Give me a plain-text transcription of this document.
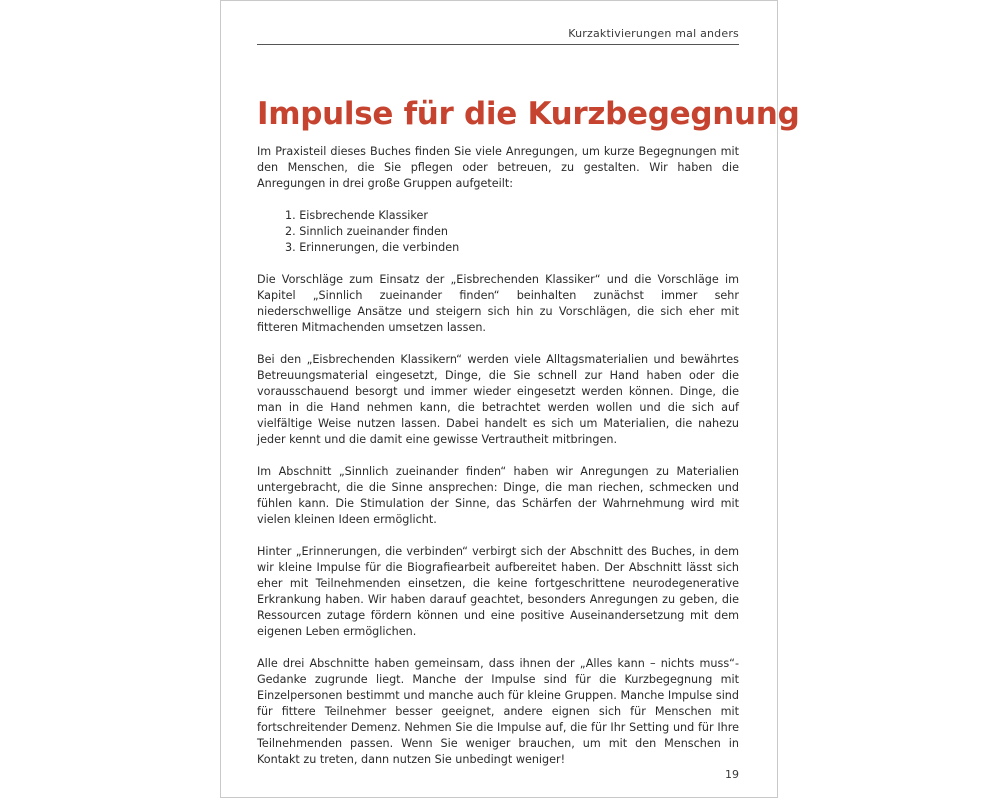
Kurzaktivierungen mal anders
Impulse für die Kurzbegegnung

Im Praxisteil dieses Buches finden Sie viele Anregungen, um kurze Begegnungen mit den Menschen, die Sie pflegen oder betreuen, zu gestalten. Wir haben die Anregungen in drei große Gruppen aufgeteilt:

1. Eisbrechende Klassiker
2. Sinnlich zueinander finden
3. Erinnerungen, die verbinden

Die Vorschläge zum Einsatz der „Eisbrechenden Klassiker“ und die Vorschläge im Kapitel „Sinnlich zueinander finden“ beinhalten zunächst immer sehr niederschwellige Ansätze und steigern sich hin zu Vorschlägen, die sich eher mit fitteren Mitmachenden umsetzen lassen.

Bei den „Eisbrechenden Klassikern“ werden viele Alltagsmaterialien und bewährtes Betreuungsmaterial eingesetzt, Dinge, die Sie schnell zur Hand haben oder die vorausschauend besorgt und immer wieder eingesetzt werden können. Dinge, die man in die Hand nehmen kann, die betrachtet werden wollen und die sich auf vielfältige Weise nutzen lassen. Dabei handelt es sich um Materialien, die nahezu jeder kennt und die damit eine gewisse Vertrautheit mitbringen.

Im Abschnitt „Sinnlich zueinander finden“ haben wir Anregungen zu Materialien untergebracht, die die Sinne ansprechen: Dinge, die man riechen, schmecken und fühlen kann. Die Stimulation der Sinne, das Schärfen der Wahrnehmung wird mit vielen kleinen Ideen ermöglicht.

Hinter „Erinnerungen, die verbinden“ verbirgt sich der Abschnitt des Buches, in dem wir kleine Impulse für die Biografiearbeit aufbereitet haben. Der Abschnitt lässt sich eher mit Teilnehmenden einsetzen, die keine fortgeschrittene neurodegenerative Erkrankung haben. Wir haben darauf geachtet, besonders Anregungen zu geben, die Ressourcen zutage fördern können und eine positive Auseinandersetzung mit dem eigenen Leben ermöglichen.

Alle drei Abschnitte haben gemeinsam, dass ihnen der „Alles kann – nichts muss“-Gedanke zugrunde liegt. Manche der Impulse sind für die Kurzbegegnung mit Einzelpersonen bestimmt und manche auch für kleine Gruppen. Manche Impulse sind für fittere Teilnehmer besser geeignet, andere eignen sich für Menschen mit fortschreitender Demenz. Nehmen Sie die Impulse auf, die für Ihr Setting und für Ihre Teilnehmenden passen. Wenn Sie weniger brauchen, um mit den Menschen in Kontakt zu treten, dann nutzen Sie unbedingt weniger!

19
